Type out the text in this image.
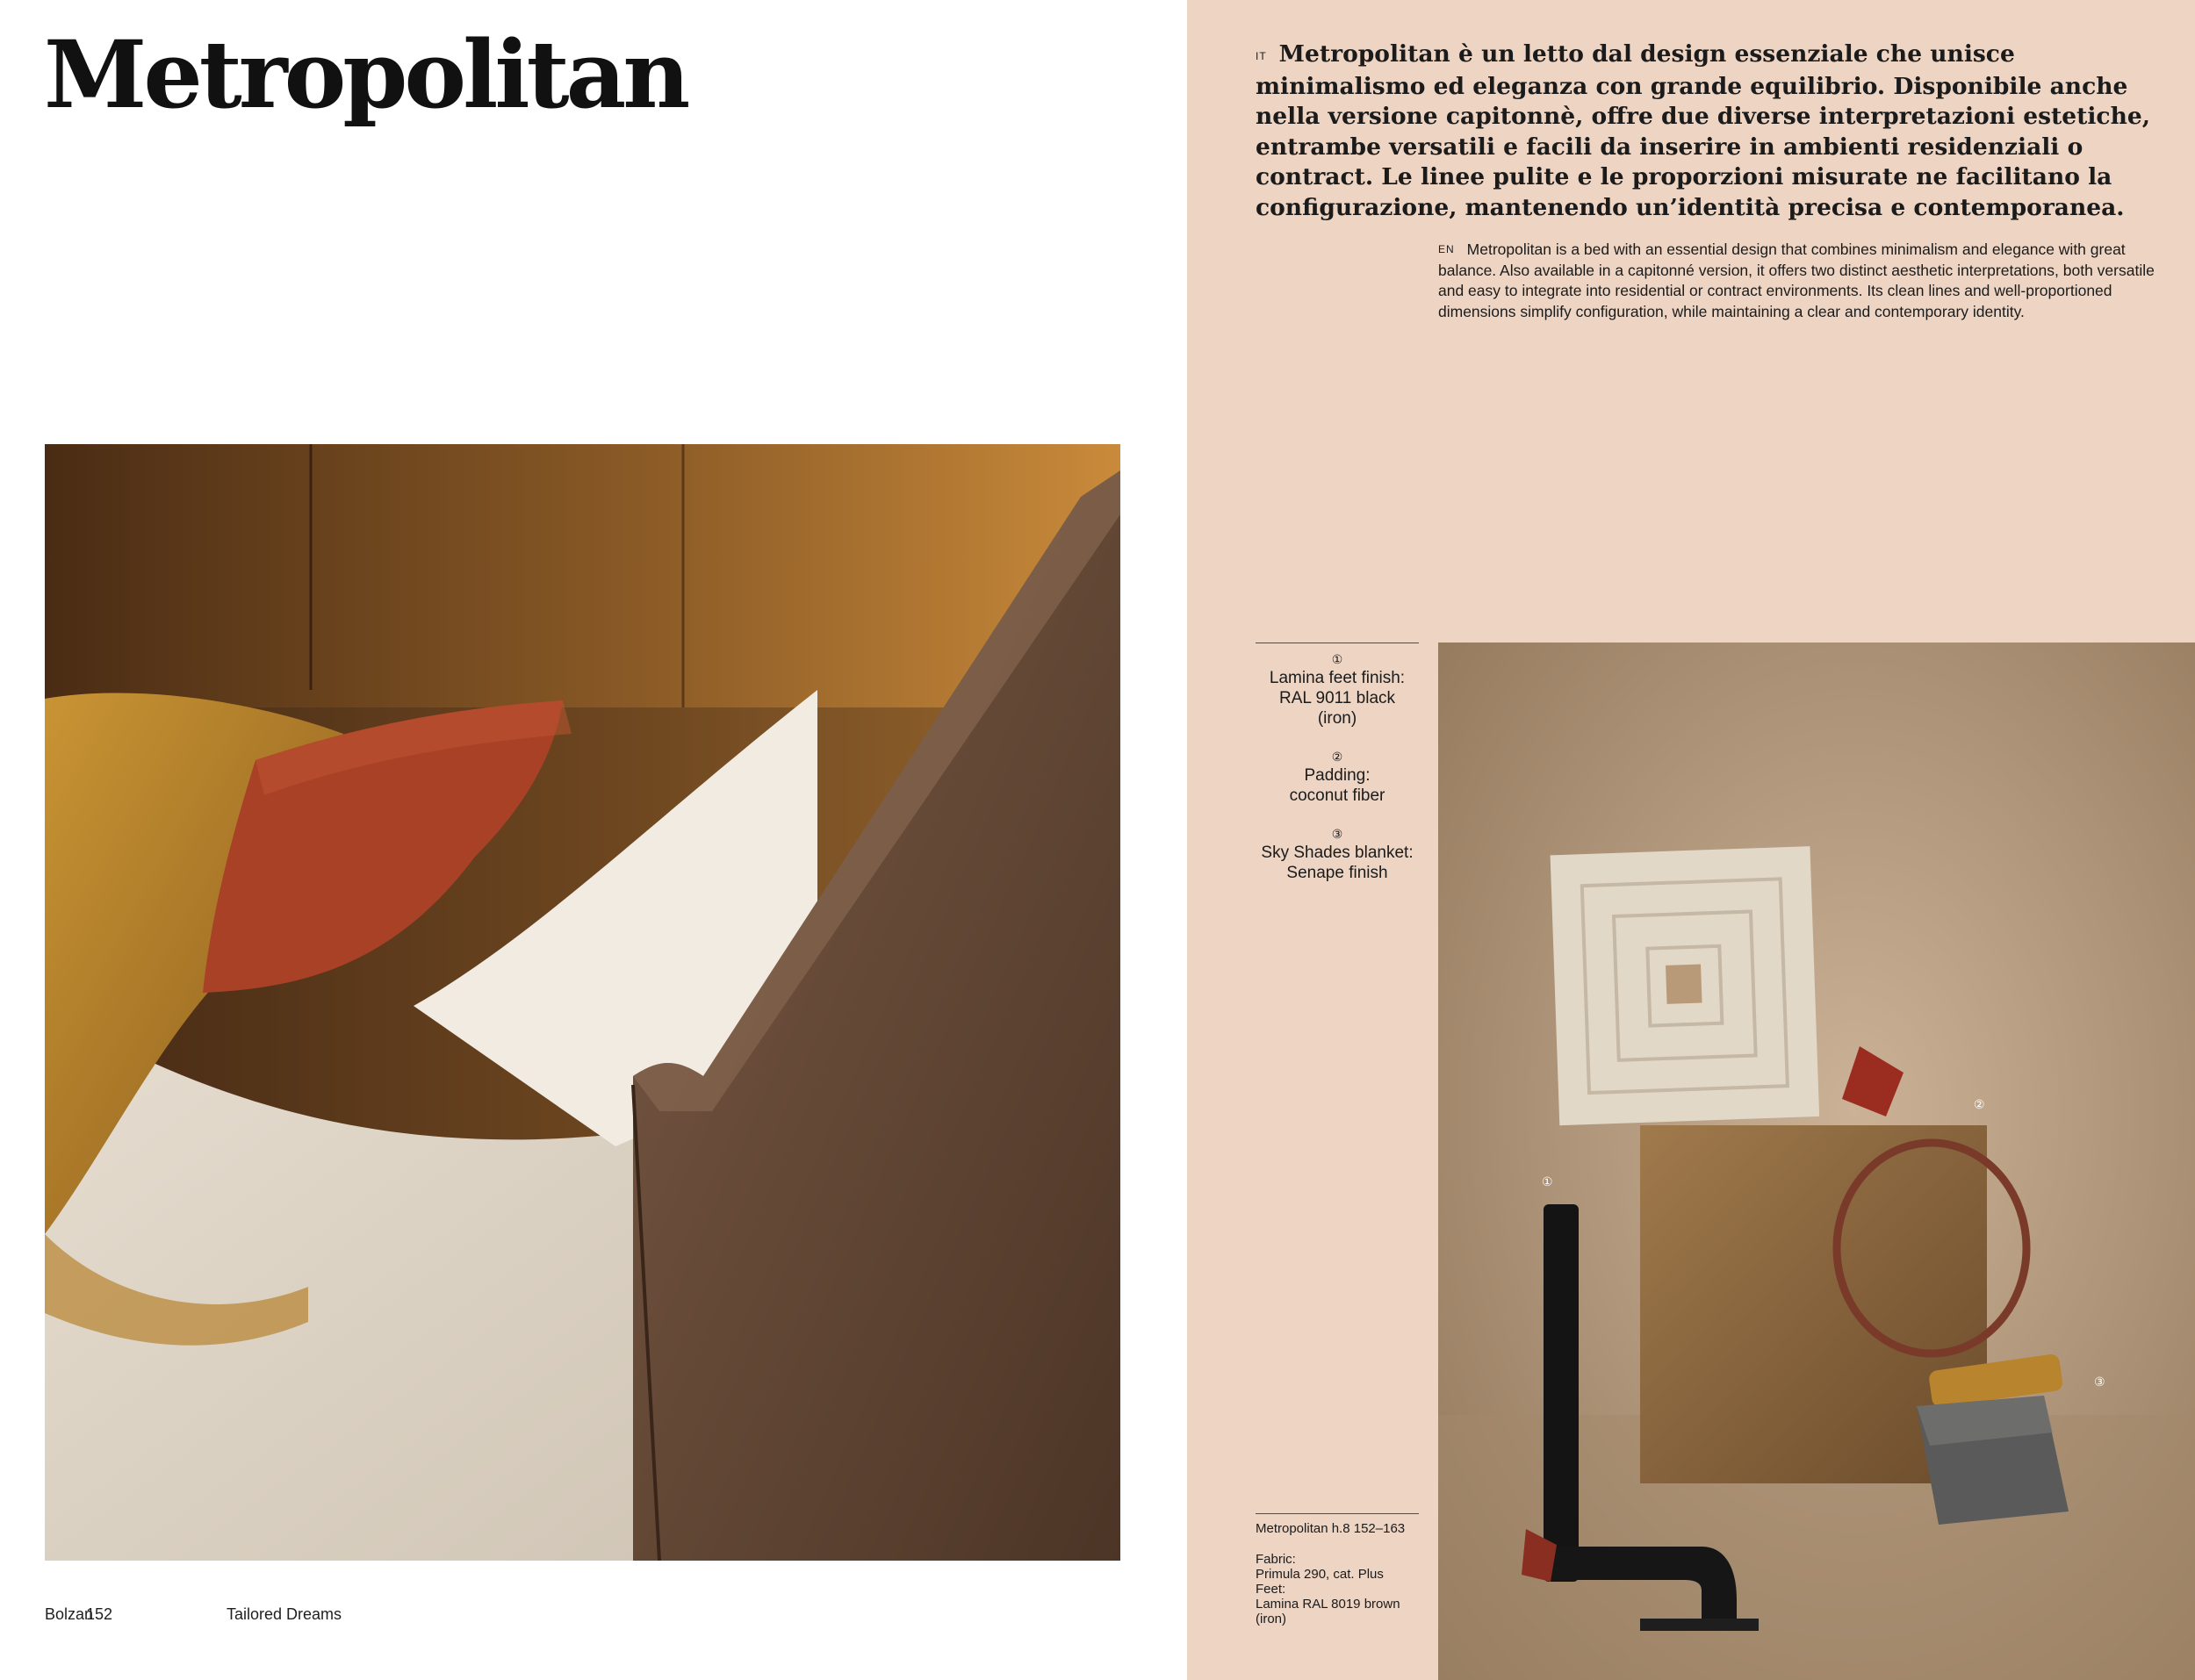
Metropolitan
Bolzan	Tailored Dreams
152
IT Metropolitan è un letto dal design essenziale che unisce minimalismo ed eleganza con grande equilibrio. Disponibile anche nella versione capitonnè, offre due diverse interpretazioni estetiche, entrambe versatili e facili da inserire in ambienti residenziali o contract. Le linee pulite e le proporzioni misurate ne facilitano la configurazione, mantenendo un’identità precisa e contemporanea.
EN Metropolitan is a bed with an essential design that combines minimalism and elegance with great balance. Also available in a capitonné version, it offers two distinct aesthetic interpretations, both versatile and easy to integrate into residential or contract environments. Its clean lines and well-proportioned dimensions simplify configuration, while maintaining a clear and contemporary identity.
①
Lamina feet finish:
RAL 9011 black
(iron)
②
Padding:
coconut fiber
③
Sky Shades blanket:
Senape finish
Metropolitan h.8 152–163
Fabric:
Primula 290, cat. Plus
Feet:
Lamina RAL 8019 brown
(iron)
①
②
③
